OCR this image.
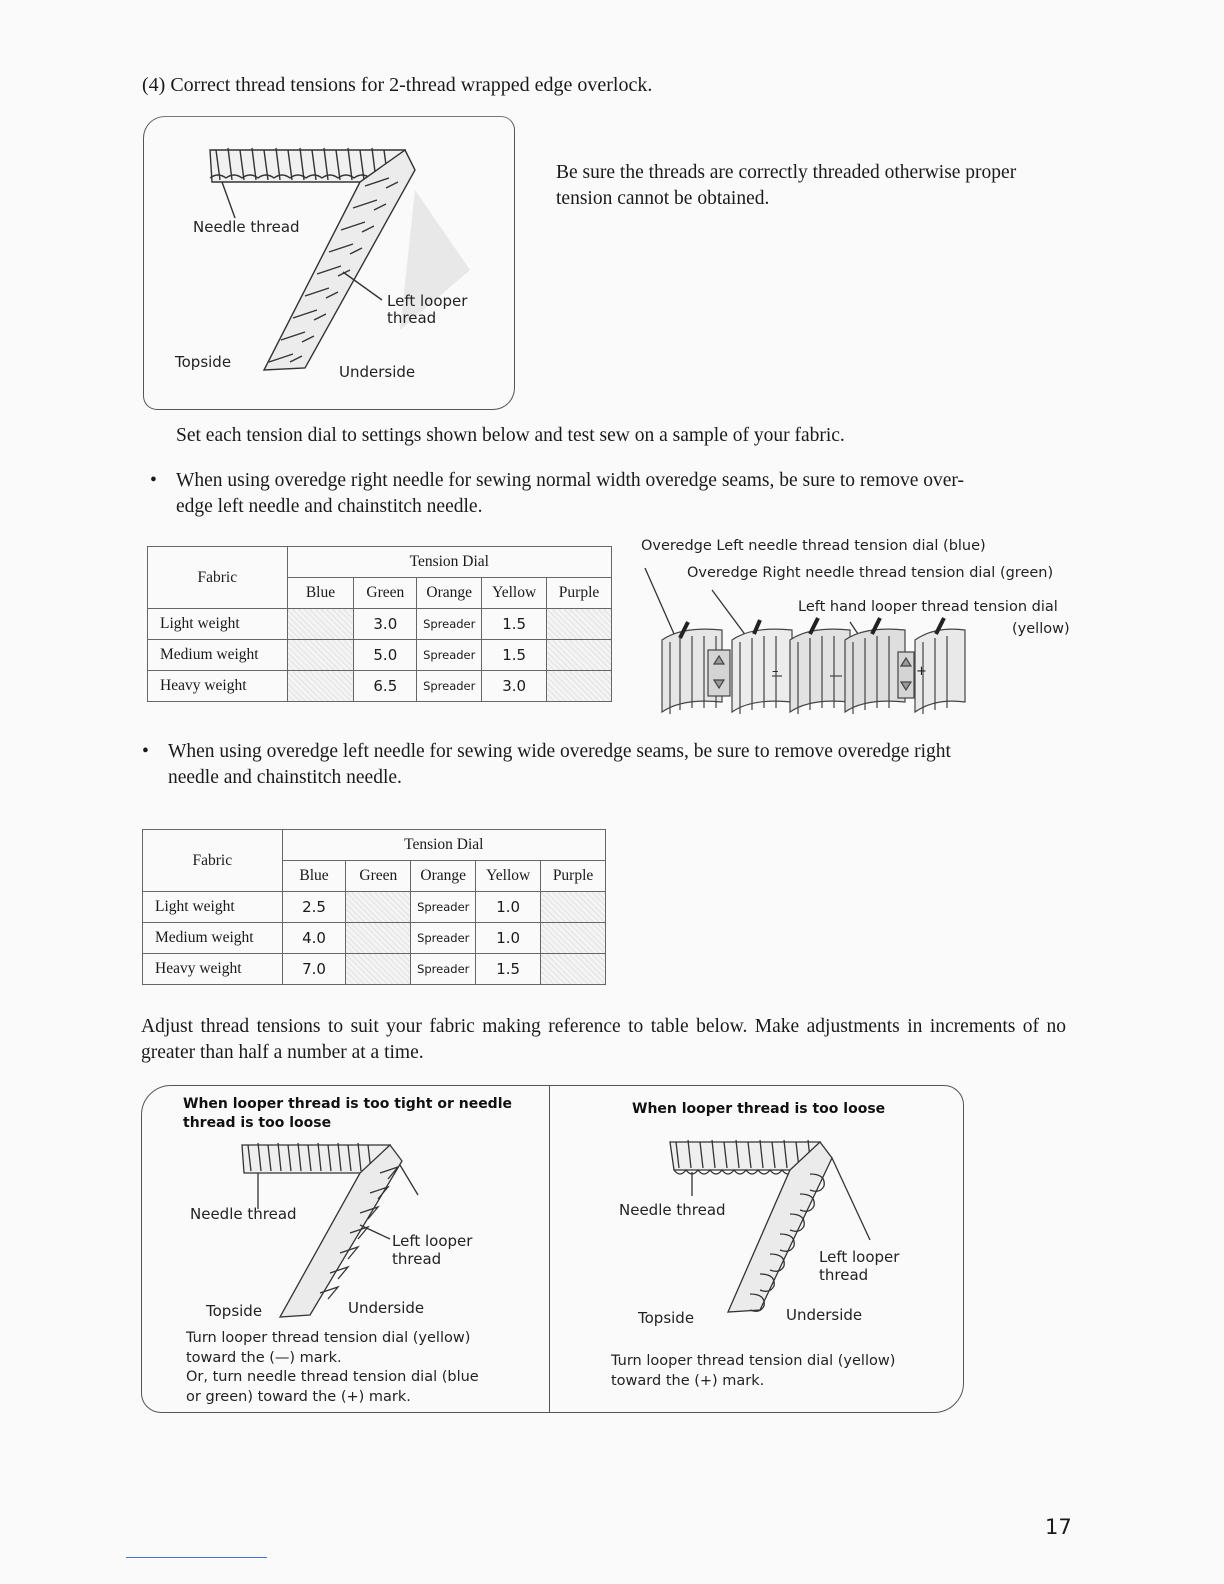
(4) Correct thread tensions for 2-thread wrapped edge overlock.
Needle thread
Left looper
thread
Topside
Underside
Be sure the threads are correctly threaded otherwise proper tension cannot be obtained.
Set each tension dial to settings shown below and test sew on a sample of your fabric.
• When using overedge right needle for sewing normal width overedge seams, be sure to remove over-
edge left needle and chainstitch needle.
Fabric	Tension Dial				
	Blue	Green	Orange	Yellow	Purple
Light weight		3.0	Spreader	1.5	
Medium weight		5.0	Spreader	1.5	
Heavy weight		6.5	Spreader	3.0	
Overedge Left needle thread tension dial (blue)
Overedge Right needle thread tension dial (green)
Left hand looper thread tension dial
(yellow)
–	+
• When using overedge left needle for sewing wide overedge seams, be sure to remove overedge right
needle and chainstitch needle.
Fabric	Tension Dial				
	Blue	Green	Orange	Yellow	Purple
Light weight	2.5		Spreader	1.0	
Medium weight	4.0		Spreader	1.0	
Heavy weight	7.0		Spreader	1.5	
Adjust thread tensions to suit your fabric making reference to table below. Make adjustments in increments of no greater than half a number at a time.
When looper thread is too tight or needle
thread is too loose
Needle thread
Left looper
thread
Topside	Underside
Turn looper thread tension dial (yellow)
toward the (—) mark.
Or, turn needle thread tension dial (blue
or green) toward the (+) mark.
When looper thread is too loose
Needle thread
Left looper
thread
Topside	Underside
Turn looper thread tension dial (yellow)
toward the (+) mark.
17
